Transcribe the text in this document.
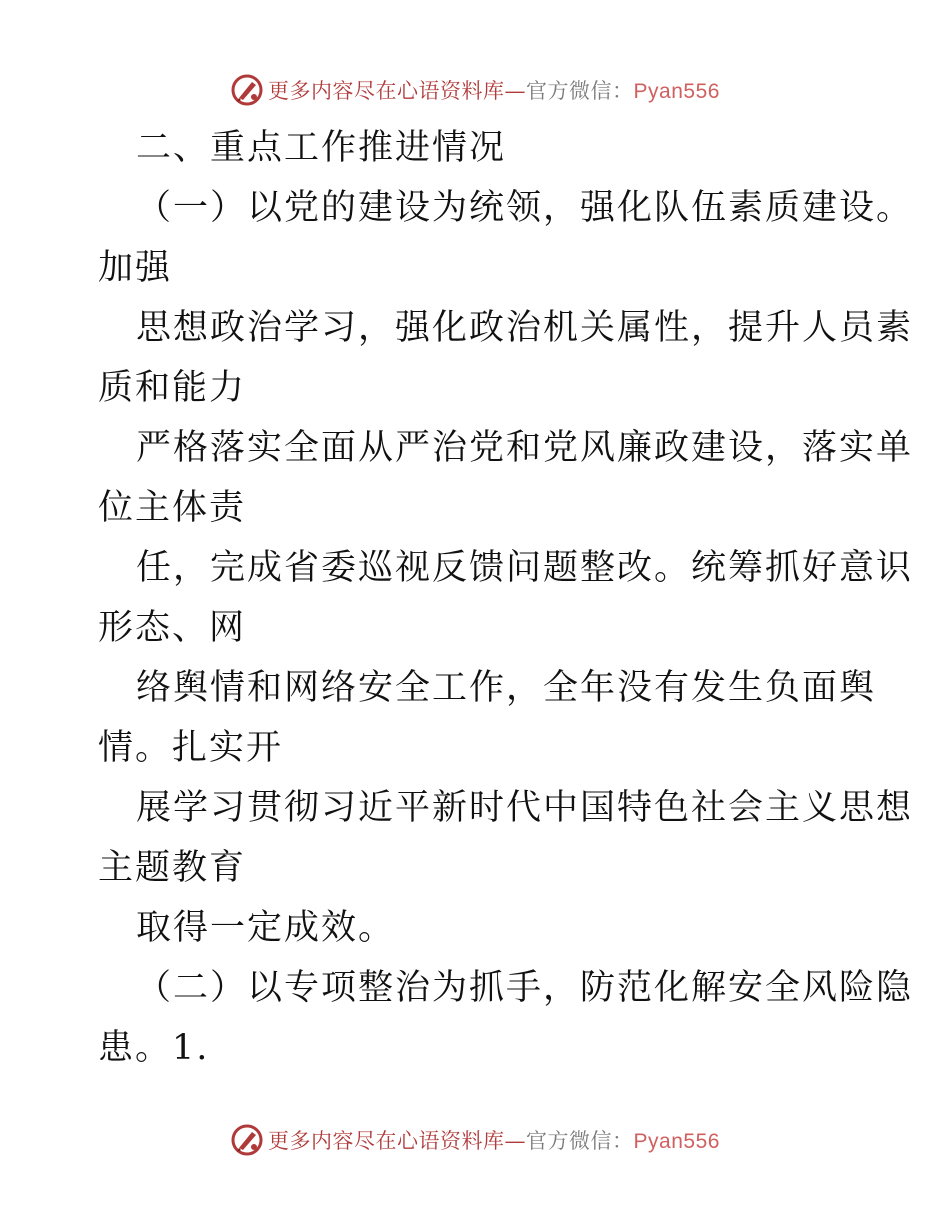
更多内容尽在心语资料库—官方微信：Pyan556
二、重点工作推进情况
（一）以党的建设为统领，强化队伍素质建设。
加强
思想政治学习，强化政治机关属性，提升人员素
质和能力
严格落实全面从严治党和党风廉政建设，落实单
位主体责
任，完成省委巡视反馈问题整改。统筹抓好意识
形态、网
络舆情和网络安全工作，全年没有发生负面舆
情。扎实开
展学习贯彻习近平新时代中国特色社会主义思想
主题教育
取得一定成效。
（二）以专项整治为抓手，防范化解安全风险隐
患。1.
更多内容尽在心语资料库—官方微信：Pyan556
